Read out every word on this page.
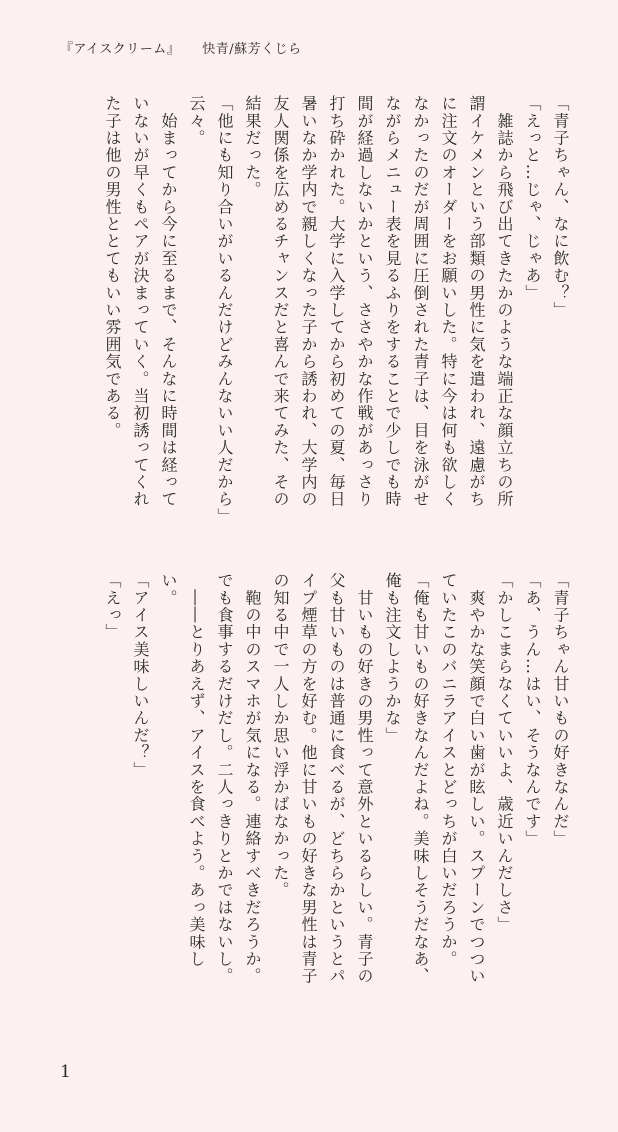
『アイスクリーム』 快青/蘇芳くじら
「青子ちゃん、なに飲む？」
「えっと…じゃ、じゃあ」
　雑誌から飛び出てきたかのような端正な顔立ちの所
謂イケメンという部類の男性に気を遣われ、遠慮がち
に注文のオーダーをお願いした。特に今は何も欲しく
なかったのだが周囲に圧倒された青子は、目を泳がせ
ながらメニュー表を見るふりをすることで少しでも時
間が経過しないかという、ささやかな作戦があっさり
打ち砕かれた。大学に入学してから初めての夏、毎日
暑いなか学内で親しくなった子から誘われ、大学内の
友人関係を広めるチャンスだと喜んで来てみた、その
結果だった。
「他にも知り合いがいるんだけどみんないい人だから」
云々。
　始まってから今に至るまで、そんなに時間は経って
いないが早くもペアが決まっていく。当初誘ってくれ
た子は他の男性ととてもいい雰囲気である。
「青子ちゃん甘いもの好きなんだ」
「あ、うん…はい、そうなんです」
「かしこまらなくていいよ、歳近いんだしさ」
　爽やかな笑顔で白い歯が眩しい。スプーンでつつい
ていたこのバニラアイスとどっちが白いだろうか。
「俺も甘いもの好きなんだよね。美味しそうだなあ、
俺も注文しようかな」
　甘いもの好きの男性って意外といるらしい。青子の
父も甘いものは普通に食べるが、どちらかというとパ
イプ煙草の方を好む。他に甘いもの好きな男性は青子
の知る中で一人しか思い浮かばなかった。
　鞄の中のスマホが気になる。連絡すべきだろうか。
でも食事するだけだし。二人っきりとかではないし。
　――とりあえず、アイスを食べよう。あっ美味し
い。
「アイス美味しいんだ？」
「えっ」
1
